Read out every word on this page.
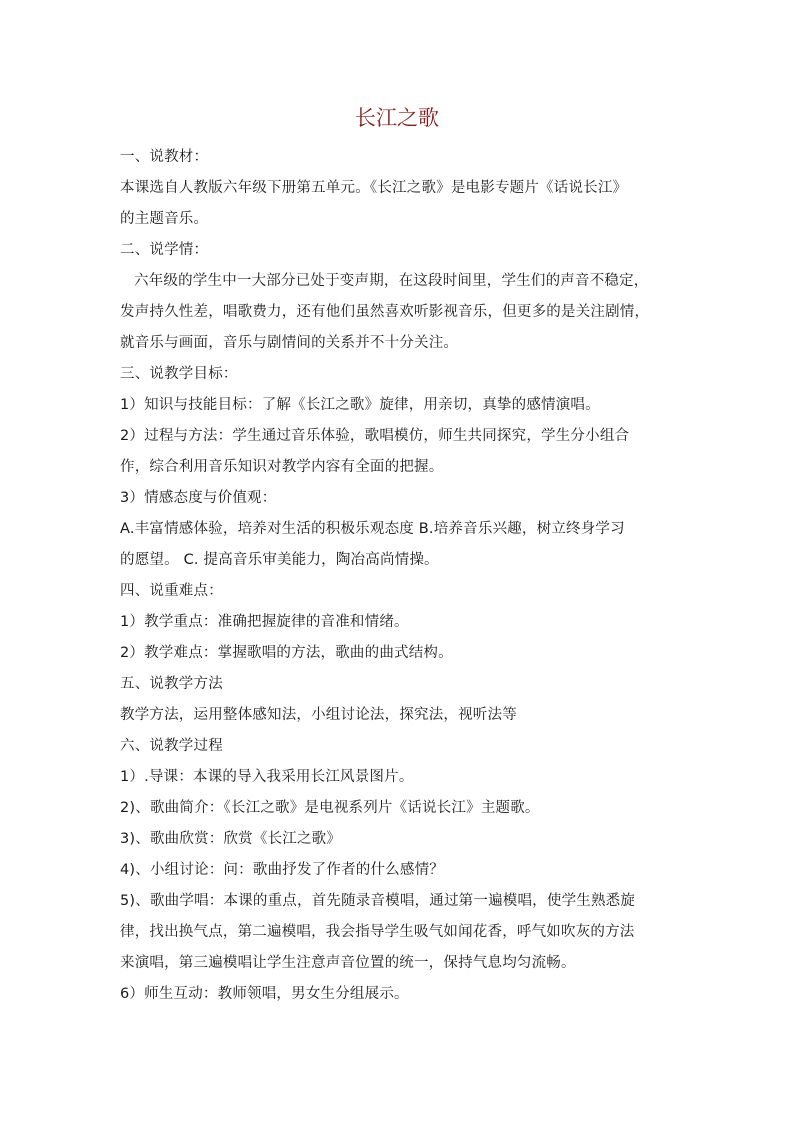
长江之歌
一、说教材：
本课选自人教版六年级下册第五单元。《长江之歌》是电影专题片《话说长江》
的主题音乐。
二、说学情：
六年级的学生中一大部分已处于变声期，在这段时间里，学生们的声音不稳定，
发声持久性差，唱歌费力，还有他们虽然喜欢听影视音乐，但更多的是关注剧情，
就音乐与画面，音乐与剧情间的关系并不十分关注。
三、说教学目标：
1）知识与技能目标：了解《长江之歌》旋律，用亲切，真挚的感情演唱。
2）过程与方法：学生通过音乐体验，歌唱模仿，师生共同探究，学生分小组合
作，综合利用音乐知识对教学内容有全面的把握。
3）情感态度与价值观：
A.丰富情感体验，培养对生活的积极乐观态度 B.培养音乐兴趣，树立终身学习
的愿望。 C. 提高音乐审美能力，陶冶高尚情操。
四、说重难点：
1）教学重点：准确把握旋律的音准和情绪。
2）教学难点：掌握歌唱的方法，歌曲的曲式结构。
五、说教学方法
教学方法，运用整体感知法，小组讨论法，探究法，视听法等
六、说教学过程
1）.导课：本课的导入我采用长江风景图片。
2)、歌曲简介：《长江之歌》是电视系列片《话说长江》主题歌。
3)、歌曲欣赏：欣赏《长江之歌》
4)、小组讨论：问：歌曲抒发了作者的什么感情？
5)、歌曲学唱：本课的重点，首先随录音模唱，通过第一遍模唱，使学生熟悉旋
律，找出换气点，第二遍模唱，我会指导学生吸气如闻花香，呼气如吹灰的方法
来演唱，第三遍模唱让学生注意声音位置的统一，保持气息均匀流畅。
6）师生互动：教师领唱，男女生分组展示。
